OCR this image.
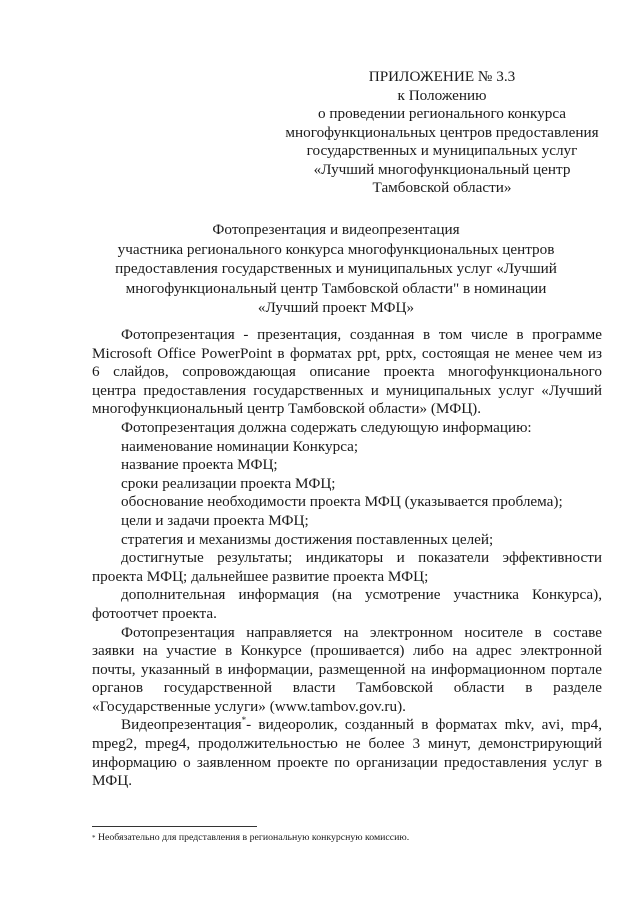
ПРИЛОЖЕНИЕ № 3.3
к Положению
о проведении регионального конкурса
многофункциональных центров предоставления
государственных и муниципальных услуг
«Лучший многофункциональный центр
Тамбовской области»
Фотопрезентация и видеопрезентация
участника регионального конкурса многофункциональных центров
предоставления государственных и муниципальных услуг «Лучший
многофункциональный центр Тамбовской области" в номинации
«Лучший проект МФЦ»
Фотопрезентация - презентация, созданная в том числе в программе
Microsoft Office PowerPoint в форматах ppt, pptx, состоящая не менее чем из
6 слайдов, сопровождающая описание проекта многофункционального
центра предоставления государственных и муниципальных услуг «Лучший
многофункциональный центр Тамбовской области» (МФЦ).
Фотопрезентация должна содержать следующую информацию:
наименование номинации Конкурса;
название проекта МФЦ;
сроки реализации проекта МФЦ;
обоснование необходимости проекта МФЦ (указывается проблема);
цели и задачи проекта МФЦ;
стратегия и механизмы достижения поставленных целей;
достигнутые результаты; индикаторы и показатели эффективности
проекта МФЦ; дальнейшее развитие проекта МФЦ;
дополнительная информация (на усмотрение участника Конкурса),
фотоотчет проекта.
Фотопрезентация направляется на электронном носителе в составе
заявки на участие в Конкурсе (прошивается) либо на адрес электронной
почты, указанный в информации, размещенной на информационном портале
органов государственной власти Тамбовской области в разделе
«Государственные услуги» (www.tambov.gov.ru).
Видеопрезентация*- видеоролик, созданный в форматах mkv, avi, mp4,
mpeg2, mpeg4, продолжительностью не более 3 минут, демонстрирующий
информацию о заявленном проекте по организации предоставления услуг в
МФЦ.
* Необязательно для представления в региональную конкурсную комиссию.
